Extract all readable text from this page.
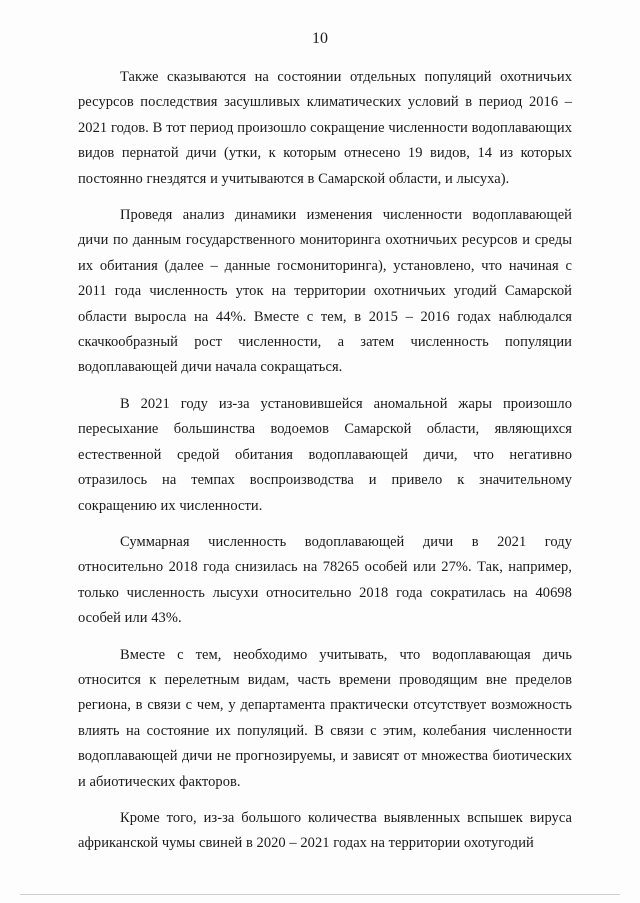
10

Также сказываются на состоянии отдельных популяций охотничьих ресурсов последствия засушливых климатических условий в период 2016 – 2021 годов. В тот период произошло сокращение численности водоплавающих видов пернатой дичи (утки, к которым отнесено 19 видов, 14 из которых постоянно гнездятся и учитываются в Самарской области, и лысуха).

Проведя анализ динамики изменения численности водоплавающей дичи по данным государственного мониторинга охотничьих ресурсов и среды их обитания (далее – данные госмониторинга), установлено, что начиная с 2011 года численность уток на территории охотничьих угодий Самарской области выросла на 44%. Вместе с тем, в 2015 – 2016 годах наблюдался скачкообразный рост численности, а затем численность популяции водоплавающей дичи начала сокращаться.

В 2021 году из-за установившейся аномальной жары произошло пересыхание большинства водоемов Самарской области, являющихся естественной средой обитания водоплавающей дичи, что негативно отразилось на темпах воспроизводства и привело к значительному сокращению их численности.

Суммарная численность водоплавающей дичи в 2021 году относительно 2018 года снизилась на 78265 особей или 27%. Так, например, только численность лысухи относительно 2018 года сократилась на 40698 особей или 43%.

Вместе с тем, необходимо учитывать, что водоплавающая дичь относится к перелетным видам, часть времени проводящим вне пределов региона, в связи с чем, у департамента практически отсутствует возможность влиять на состояние их популяций. В связи с этим, колебания численности водоплавающей дичи не прогнозируемы, и зависят от множества биотических и абиотических факторов.

Кроме того, из-за большого количества выявленных вспышек вируса африканской чумы свиней в 2020 – 2021 годах на территории охотугодий
